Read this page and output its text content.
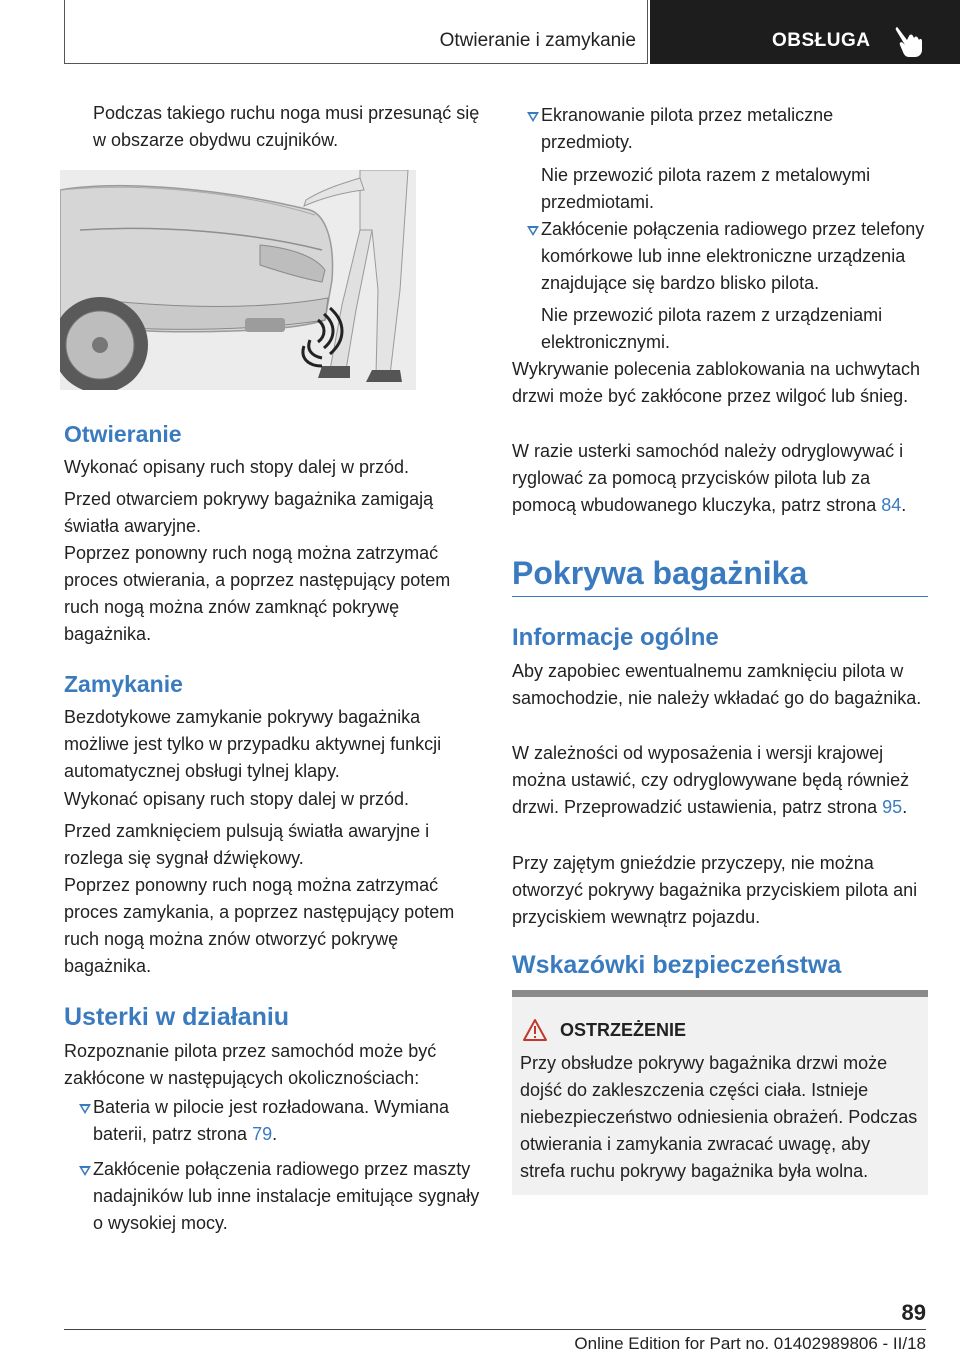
Otwieranie i zamykanie	OBSŁUGA

Podczas takiego ruchu noga musi przesunąć się w obszarze obydwu czujników.

Otwieranie

Wykonać opisany ruch stopy dalej w przód.

Przed otwarciem pokrywy bagażnika zamigają światła awaryjne.

Poprzez ponowny ruch nogą można zatrzymać proces otwierania, a poprzez następujący potem ruch nogą można znów zamknąć pokrywę bagażnika.

Zamykanie

Bezdotykowe zamykanie pokrywy bagażnika możliwe jest tylko w przypadku aktywnej funkcji automatycznej obsługi tylnej klapy.

Wykonać opisany ruch stopy dalej w przód.

Przed zamknięciem pulsują światła awaryjne i rozlega się sygnał dźwiękowy.

Poprzez ponowny ruch nogą można zatrzymać proces zamykania, a poprzez następujący potem ruch nogą można znów otworzyć pokrywę bagażnika.

Usterki w działaniu

Rozpoznanie pilota przez samochód może być zakłócone w następujących okolicznościach:

Bateria w pilocie jest rozładowana. Wymiana baterii, patrz strona 79.

Zakłócenie połączenia radiowego przez maszty nadajników lub inne instalacje emitujące sygnały o wysokiej mocy.

Ekranowanie pilota przez metaliczne przedmioty.

Nie przewozić pilota razem z metalowymi przedmiotami.

Zakłócenie połączenia radiowego przez telefony komórkowe lub inne elektroniczne urządzenia znajdujące się bardzo blisko pilota.

Nie przewozić pilota razem z urządzeniami elektronicznymi.

Wykrywanie polecenia zablokowania na uchwytach drzwi może być zakłócone przez wilgoć lub śnieg.

W razie usterki samochód należy odryglowywać i ryglować za pomocą przycisków pilota lub za pomocą wbudowanego kluczyka, patrz strona 84.

Pokrywa bagażnika
Informacje ogólne

Aby zapobiec ewentualnemu zamknięciu pilota w samochodzie, nie należy wkładać go do bagażnika.

W zależności od wyposażenia i wersji krajowej można ustawić, czy odryglowywane będą również drzwi. Przeprowadzić ustawienia, patrz strona 95.

Przy zajętym gnieździe przyczepy, nie można otworzyć pokrywy bagażnika przyciskiem pilota ani przyciskiem wewnątrz pojazdu.

Wskazówki bezpieczeństwa
OSTRZEŻENIE

Przy obsłudze pokrywy bagażnika drzwi może dojść do zakleszczenia części ciała. Istnieje niebezpieczeństwo odniesienia obrażeń. Podczas otwierania i zamykania zwracać uwagę, aby strefa ruchu pokrywy bagażnika była wolna.

89
Online Edition for Part no. 01402989806 - II/18
